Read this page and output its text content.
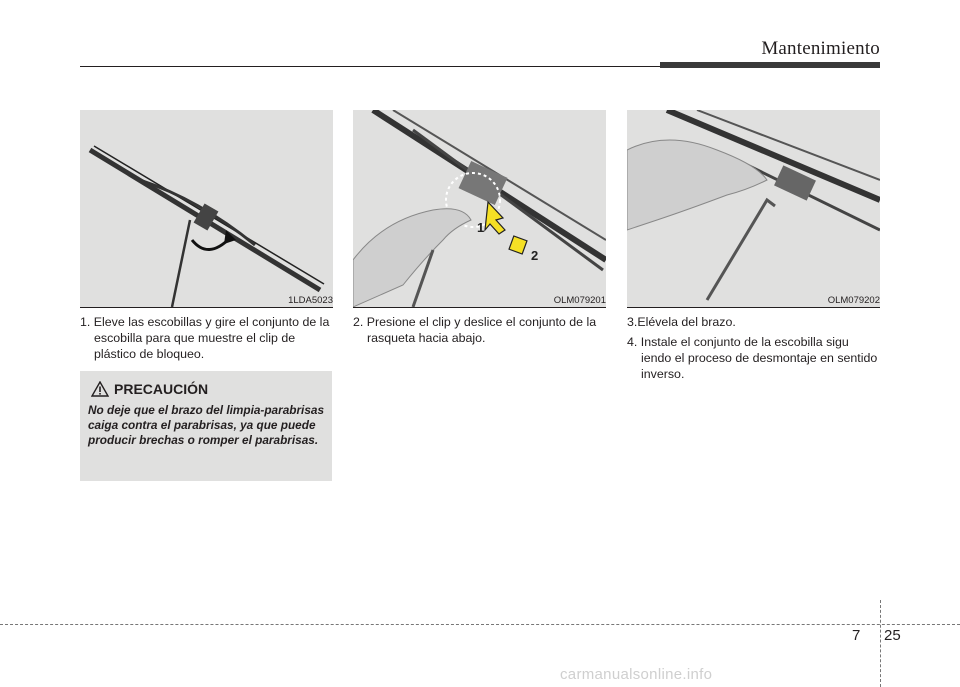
Mantenimiento
1LDA5023
1
2
OLM079201	OLM079202
1. Eleve las escobillas y gire el conjunto de la escobilla para que muestre el clip de plástico de bloqueo.
2. Presione el clip y deslice el conjunto de la rasqueta hacia abajo.
3.Elévela del brazo.
4. Instale el conjunto de la escobilla sigu iendo el proceso de desmontaje en sentido inverso.
PRECAUCIÓN
No deje que el brazo del limpia-parabrisas caiga contra el parabrisas, ya que puede producir brechas o romper el parabrisas.
7 25
carmanualsonline.info
